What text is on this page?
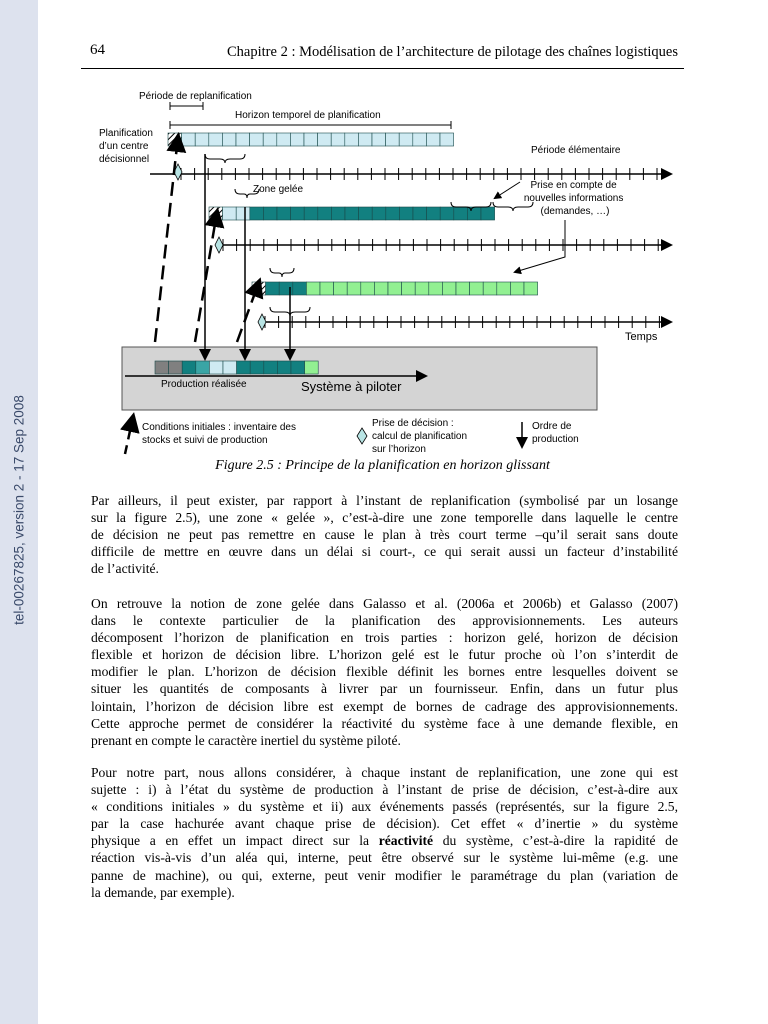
tel-00267825, version 2 - 17 Sep 2008
64	Chapitre 2 : Modélisation de l’architecture de pilotage des chaînes logistiques
Période de replanification
Horizon temporel de planification
Planification d’un centre décisionnel
Période élémentaire
Zone gelée	Prise en compte de nouvelles informations (demandes, …)
Temps
Production réalisée	Système à piloter
Conditions initiales : inventaire des stocks et suivi de production
Prise de décision : calcul de planification sur l’horizon
Ordre de production
Figure 2.5 : Principe de la planification en horizon glissant
Par ailleurs, il peut exister, par rapport à l’instant de replanification (symbolisé par un losange
sur la figure 2.5), une zone « gelée », c’est-à-dire une zone temporelle dans laquelle le centre
de décision ne peut pas remettre en cause le plan à très court terme –qu’il serait sans doute
difficile de mettre en œuvre dans un délai si court-, ce qui serait aussi un facteur d’instabilité
de l’activité.
On retrouve la notion de zone gelée dans Galasso et al. (2006a et 2006b) et Galasso (2007)
dans le contexte particulier de la planification des approvisionnements. Les auteurs
décomposent l’horizon de planification en trois parties : horizon gelé, horizon de décision
flexible et horizon de décision libre. L’horizon gelé est le futur proche où l’on s’interdit de
modifier le plan. L’horizon de décision flexible définit les bornes entre lesquelles doivent se
situer les quantités de composants à livrer par un fournisseur. Enfin, dans un futur plus
lointain, l’horizon de décision libre est exempt de bornes de cadrage des approvisionnements.
Cette approche permet de considérer la réactivité du système face à une demande flexible, en
prenant en compte le caractère inertiel du système piloté.
Pour notre part, nous allons considérer, à chaque instant de replanification, une zone qui est
sujette : i) à l’état du système de production à l’instant de prise de décision, c’est-à-dire aux
« conditions initiales » du système et ii) aux événements passés (représentés, sur la figure 2.5,
par la case hachurée avant chaque prise de décision). Cet effet « d’inertie » du système
physique a en effet un impact direct sur la réactivité du système, c’est-à-dire la rapidité de
réaction vis-à-vis d’un aléa qui, interne, peut être observé sur le système lui-même (e.g. une
panne de machine), ou qui, externe, peut venir modifier le paramétrage du plan (variation de
la demande, par exemple).
